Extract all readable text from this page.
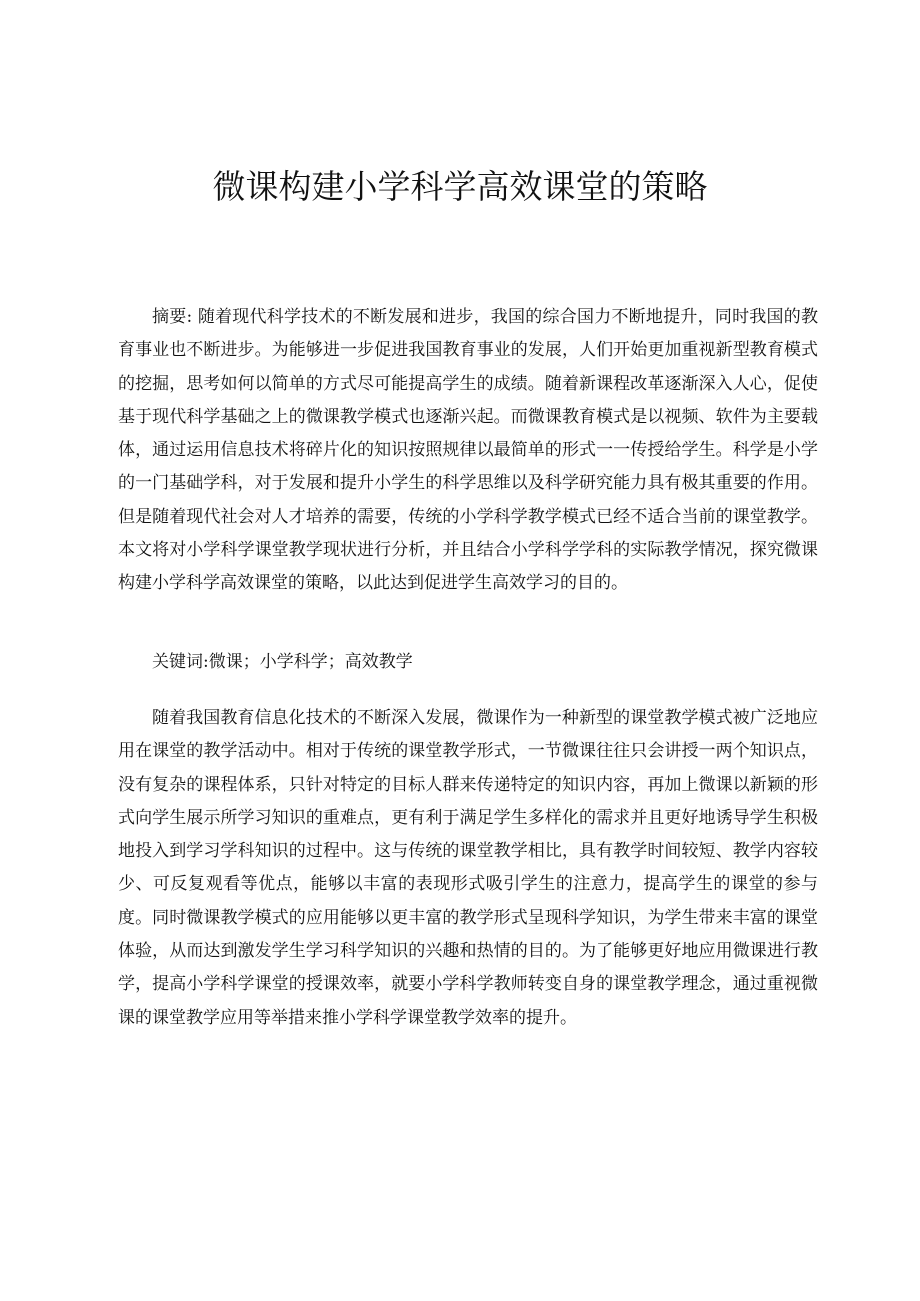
微课构建小学科学高效课堂的策略

摘要: 随着现代科学技术的不断发展和进步，我国的综合国力不断地提升，同时我国的教育事业也不断进步。为能够进一步促进我国教育事业的发展，人们开始更加重视新型教育模式的挖掘，思考如何以简单的方式尽可能提高学生的成绩。随着新课程改革逐渐深入人心，促使基于现代科学基础之上的微课教学模式也逐渐兴起。而微课教育模式是以视频、软件为主要载体，通过运用信息技术将碎片化的知识按照规律以最简单的形式一一传授给学生。科学是小学的一门基础学科，对于发展和提升小学生的科学思维以及科学研究能力具有极其重要的作用。但是随着现代社会对人才培养的需要，传统的小学科学教学模式已经不适合当前的课堂教学。本文将对小学科学课堂教学现状进行分析，并且结合小学科学学科的实际教学情况，探究微课构建小学科学高效课堂的策略，以此达到促进学生高效学习的目的。

关键词:微课；小学科学；高效教学

随着我国教育信息化技术的不断深入发展，微课作为一种新型的课堂教学模式被广泛地应用在课堂的教学活动中。相对于传统的课堂教学形式，一节微课往往只会讲授一两个知识点，没有复杂的课程体系，只针对特定的目标人群来传递特定的知识内容，再加上微课以新颖的形式向学生展示所学习知识的重难点，更有利于满足学生多样化的需求并且更好地诱导学生积极地投入到学习学科知识的过程中。这与传统的课堂教学相比，具有教学时间较短、教学内容较少、可反复观看等优点，能够以丰富的表现形式吸引学生的注意力，提高学生的课堂的参与度。同时微课教学模式的应用能够以更丰富的教学形式呈现科学知识，为学生带来丰富的课堂体验，从而达到激发学生学习科学知识的兴趣和热情的目的。为了能够更好地应用微课进行教学，提高小学科学课堂的授课效率，就要小学科学教师转变自身的课堂教学理念，通过重视微课的课堂教学应用等举措来推小学科学课堂教学效率的提升。
